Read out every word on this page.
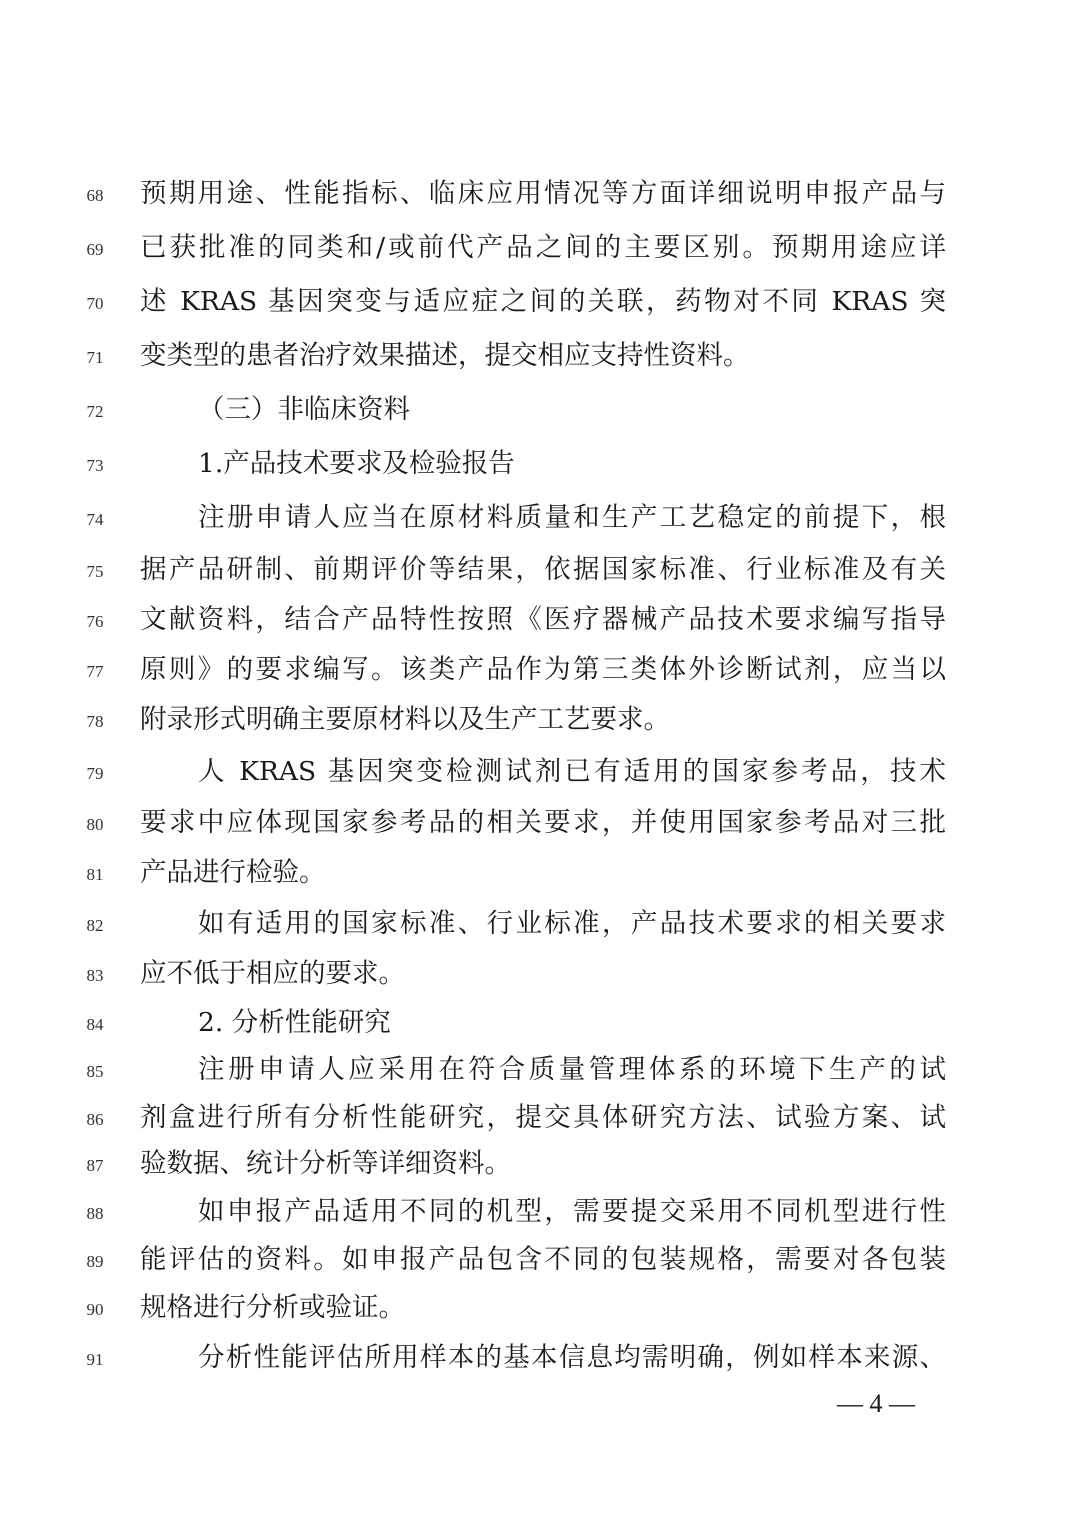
68	预期用途、性能指标、临床应用情况等方面详细说明申报产品与
69	已获批准的同类和/或前代产品之间的主要区别。预期用途应详
70	述 KRAS 基因突变与适应症之间的关联，药物对不同 KRAS 突
71	变类型的患者治疗效果描述，提交相应支持性资料。
72	（三）非临床资料
73	1.产品技术要求及检验报告
74	注册申请人应当在原材料质量和生产工艺稳定的前提下，根
75	据产品研制、前期评价等结果，依据国家标准、行业标准及有关
76	文献资料，结合产品特性按照《医疗器械产品技术要求编写指导
77	原则》的要求编写。该类产品作为第三类体外诊断试剂，应当以
78	附录形式明确主要原材料以及生产工艺要求。
79	人 KRAS 基因突变检测试剂已有适用的国家参考品，技术
80	要求中应体现国家参考品的相关要求，并使用国家参考品对三批
81	产品进行检验。
82	如有适用的国家标准、行业标准，产品技术要求的相关要求
83	应不低于相应的要求。
84	2. 分析性能研究
85	注册申请人应采用在符合质量管理体系的环境下生产的试
86	剂盒进行所有分析性能研究，提交具体研究方法、试验方案、试
87	验数据、统计分析等详细资料。
88	如申报产品适用不同的机型，需要提交采用不同机型进行性
89	能评估的资料。如申报产品包含不同的包装规格，需要对各包装
90	规格进行分析或验证。
91	分析性能评估所用样本的基本信息均需明确，例如样本来源、
— 4 —
